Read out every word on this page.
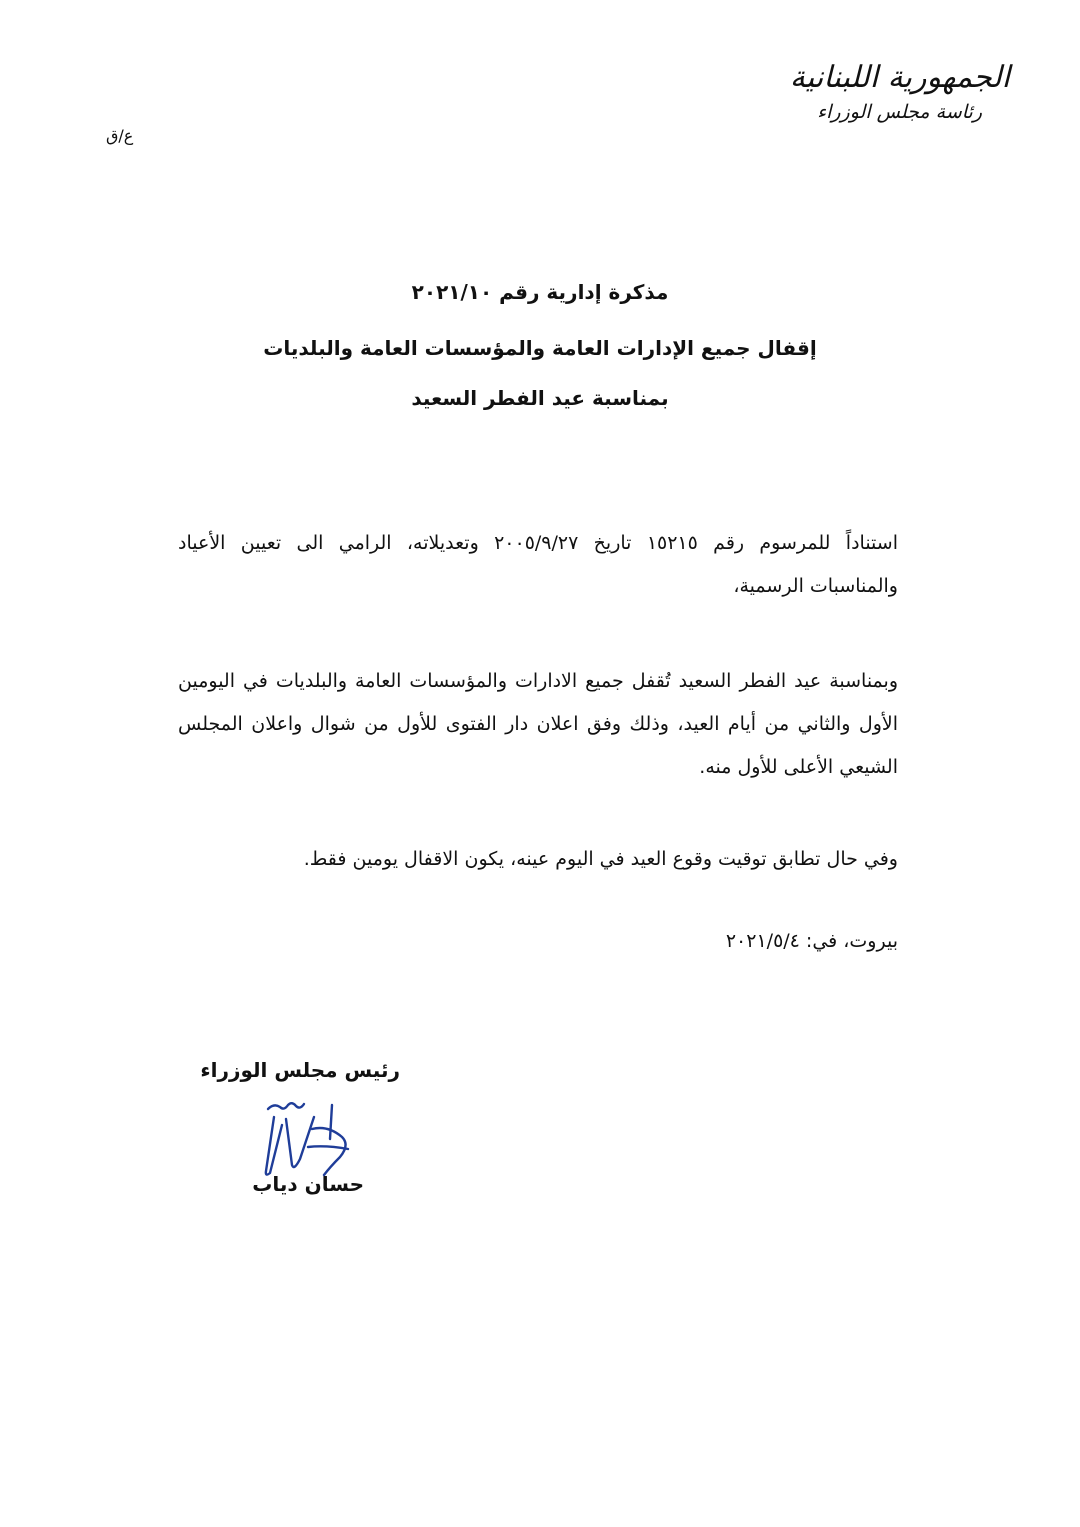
الجمهورية اللبنانية
رئاسة مجلس الوزراء
ع/ق
مذكرة إدارية رقم ٢٠٢١/١٠
إقفال جميع الإدارات العامة والمؤسسات العامة والبلديات
بمناسبة عيد الفطر السعيد
استناداً للمرسوم رقم ١٥٢١٥ تاريخ ٢٠٠٥/٩/٢٧ وتعديلاته، الرامي الى تعيين الأعياد والمناسبات الرسمية،
وبمناسبة عيد الفطر السعيد تُقفل جميع الادارات والمؤسسات العامة والبلديات في اليومين الأول والثاني من أيام العيد، وذلك وفق اعلان دار الفتوى للأول من شوال واعلان المجلس الشيعي الأعلى للأول منه.
وفي حال تطابق توقيت وقوع العيد في اليوم عينه، يكون الاقفال يومين فقط.
بيروت، في: ٢٠٢١/٥/٤
رئيس مجلس الوزراء
حسان دياب
